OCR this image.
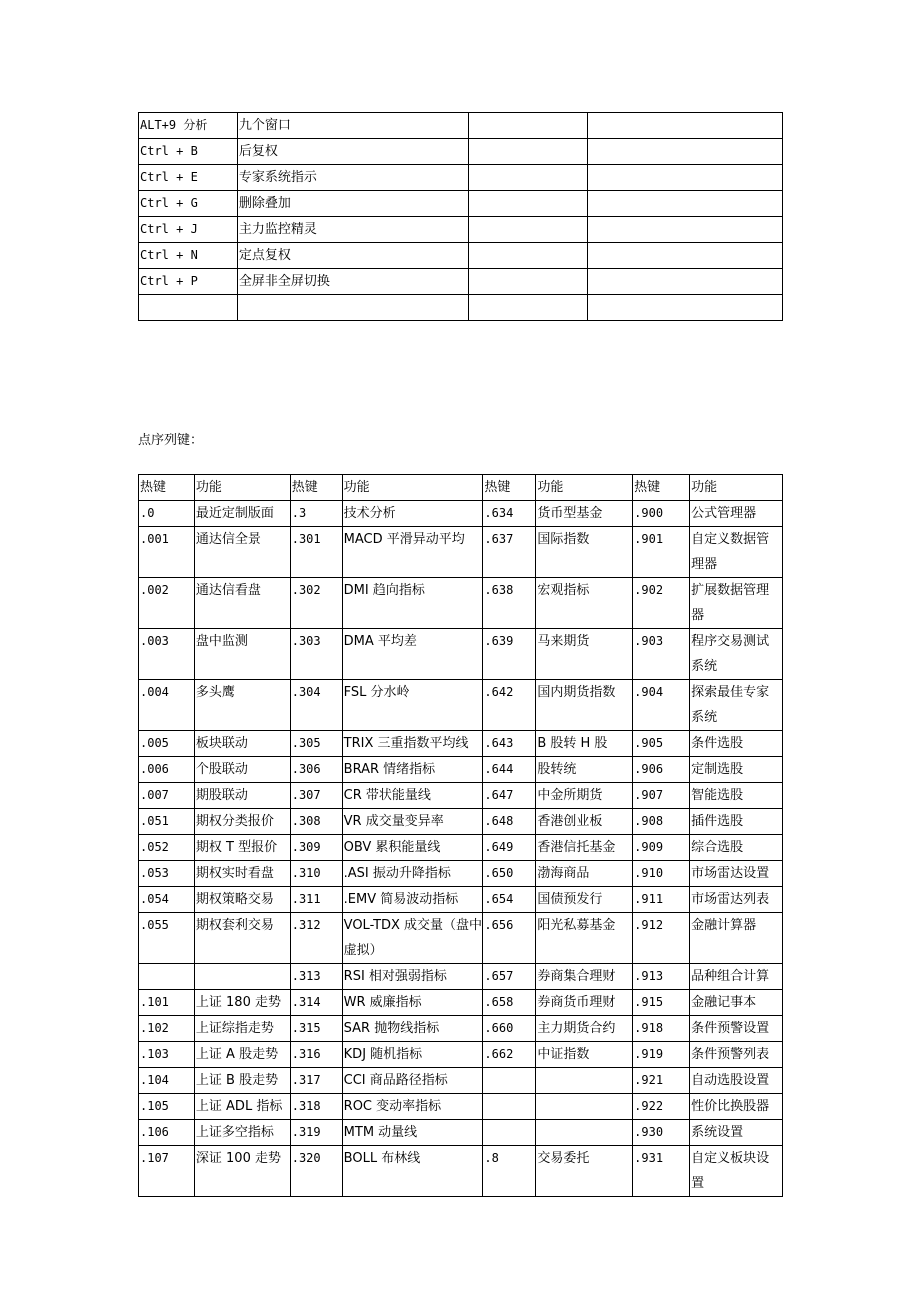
ALT+9 分析	九个窗口		
Ctrl + B	后复权		
Ctrl + E	专家系统指示		
Ctrl + G	删除叠加		
Ctrl + J	主力监控精灵		
Ctrl + N	定点复权		
Ctrl + P	全屏非全屏切换		

点序列键：
热键	功能	热键	功能	热键	功能	热键	功能
.0	最近定制版面	.3	技术分析	.634	货币型基金	.900	公式管理器
.001	通达信全景	.301	MACD 平滑异动平均	.637	国际指数	.901	自定义数据管理器
.002	通达信看盘	.302	DMI 趋向指标	.638	宏观指标	.902	扩展数据管理器
.003	盘中监测	.303	DMA 平均差	.639	马来期货	.903	程序交易测试系统
.004	多头鹰	.304	FSL 分水岭	.642	国内期货指数	.904	探索最佳专家系统
.005	板块联动	.305	TRIX 三重指数平均线	.643	B 股转 H 股	.905	条件选股
.006	个股联动	.306	BRAR 情绪指标	.644	股转统	.906	定制选股
.007	期股联动	.307	CR 带状能量线	.647	中金所期货	.907	智能选股
.051	期权分类报价	.308	VR 成交量变异率	.648	香港创业板	.908	插件选股
.052	期权 T 型报价	.309	OBV 累积能量线	.649	香港信托基金	.909	综合选股
.053	期权实时看盘	.310	.ASI 振动升降指标	.650	渤海商品	.910	市场雷达设置
.054	期权策略交易	.311	.EMV 简易波动指标	.654	国债预发行	.911	市场雷达列表
.055	期权套利交易	.312	VOL-TDX 成交量（盘中虚拟）	.656	阳光私募基金	.912	金融计算器
		.313	RSI 相对强弱指标	.657	券商集合理财	.913	品种组合计算
.101	上证 180 走势	.314	WR 威廉指标	.658	券商货币理财	.915	金融记事本
.102	上证综指走势	.315	SAR 抛物线指标	.660	主力期货合约	.918	条件预警设置
.103	上证 A 股走势	.316	KDJ 随机指标	.662	中证指数	.919	条件预警列表
.104	上证 B 股走势	.317	CCI 商品路径指标			.921	自动选股设置
.105	上证 ADL 指标	.318	ROC 变动率指标			.922	性价比换股器
.106	上证多空指标	.319	MTM 动量线			.930	系统设置
.107	深证 100 走势	.320	BOLL 布林线	.8	交易委托	.931	自定义板块设置
